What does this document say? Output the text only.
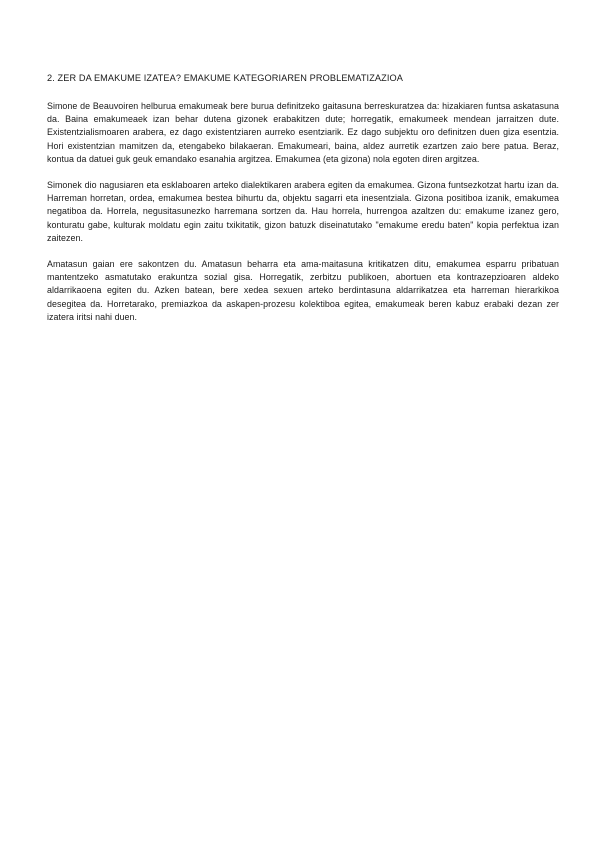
2. ZER DA EMAKUME IZATEA? EMAKUME KATEGORIAREN PROBLEMATIZAZIOA

Simone de Beauvoiren helburua emakumeak bere burua definitzeko gaitasuna berreskuratzea da: hizakiaren funtsa askatasuna da. Baina emakumeaek izan behar dutena gizonek erabakitzen dute; horregatik, emakumeek mendean jarraitzen dute. Existentzialismoaren arabera, ez dago existentziaren aurreko esentziarik. Ez dago subjektu oro definitzen duen giza esentzia. Hori existentzian mamitzen da, etengabeko bilakaeran. Emakumeari, baina, aldez aurretik ezartzen zaio bere patua. Beraz, kontua da datuei guk geuk emandako esanahia argitzea. Emakumea (eta gizona) nola egoten diren argitzea.

Simonek dio nagusiaren eta esklaboaren arteko dialektikaren arabera egiten da emakumea. Gizona funtsezkotzat hartu izan da. Harreman horretan, ordea, emakumea bestea bihurtu da, objektu sagarri eta inesentziala. Gizona positiboa izanik, emakumea negatiboa da. Horrela, negusitasunezko harremana sortzen da. Hau horrela, hurrengoa azaltzen du: emakume izanez gero, konturatu gabe, kulturak moldatu egin zaitu txikitatik, gizon batuzk diseinatutako "emakume eredu baten" kopia perfektua izan zaitezen.

Amatasun gaian ere sakontzen du. Amatasun beharra eta ama-maitasuna kritikatzen ditu, emakumea esparru pribatuan mantentzeko asmatutako erakuntza sozial gisa. Horregatik, zerbitzu publikoen, abortuen eta kontrazepzioaren aldeko aldarrikaoena egiten du. Azken batean, bere xedea sexuen arteko berdintasuna aldarrikatzea eta harreman hierarkikoa desegitea da. Horretarako, premiazkoa da askapen-prozesu kolektiboa egitea, emakumeak beren kabuz erabaki dezan zer izatera iritsi nahi duen.
